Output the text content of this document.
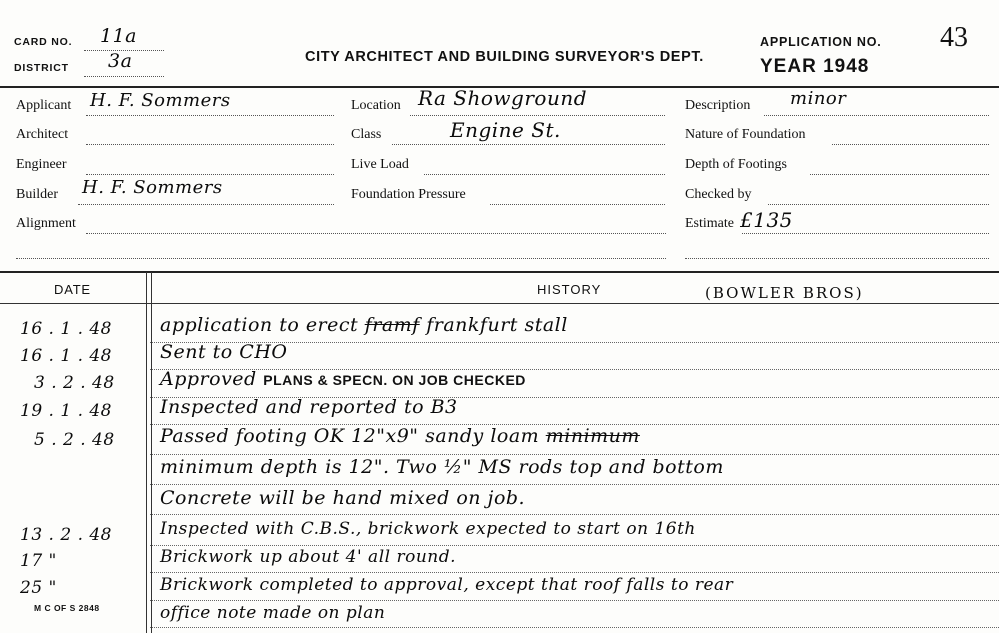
CARD NO. 11a
DISTRICT 3a	CITY ARCHITECT AND BUILDING SURVEYOR'S DEPT.
APPLICATION NO. 43
YEAR 1948
Applicant H. F. Sommers
Architect
Engineer
Builder H. F. Sommers
Alignment
Location Ra Showground
Class	Engine St.
Live Load
Foundation Pressure
Description minor
Nature of Foundation
Depth of Footings
Checked by
Estimate £135
DATE	HISTORY	(BOWLER BROS)
16 . 1 . 48	application to erect framf frankfurt stall
16 . 1 . 48	Sent to CHO
3 . 2 . 48 Approved PLANS & SPECN. ON JOB CHECKED
19 . 1 . 48	Inspected and reported to B3
5 . 2 . 48 Passed footing OK 12"x9" sandy loam minimum
minimum depth is 12". Two ½" MS rods top and bottom
Concrete will be hand mixed on job.
13 . 2 . 48	Inspected with C.B.S., brickwork expected to start on 16th
17 "	Brickwork up about 4' all round.
25 "	Brickwork completed to approval, except that roof falls to rear
office note made on plan
M C OF S 2848
